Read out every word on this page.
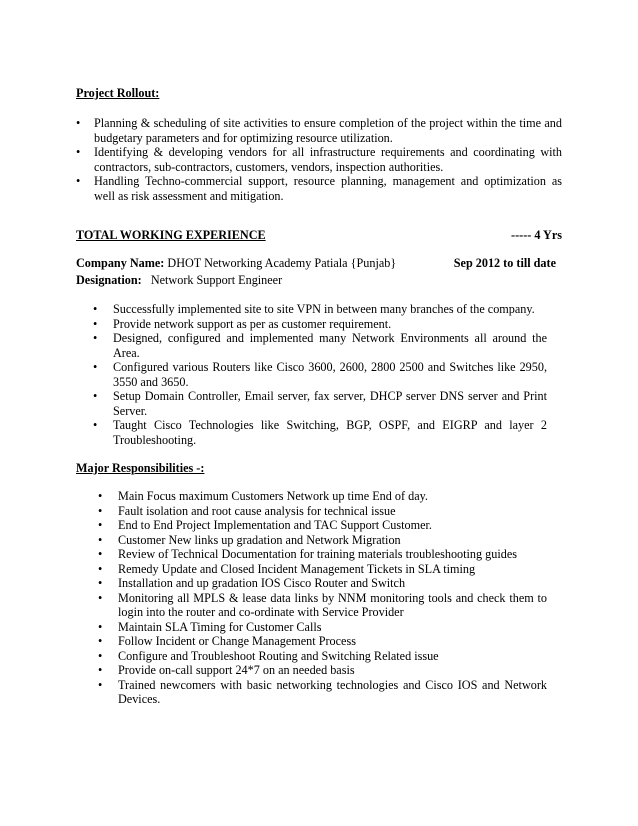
Project Rollout:
• Planning & scheduling of site activities to ensure completion of the project within the time and budgetary parameters and for optimizing resource utilization.
• Identifying & developing vendors for all infrastructure requirements and coordinating with contractors, sub-contractors, customers, vendors, inspection authorities.
• Handling Techno-commercial support, resource planning, management and optimization as well as risk assessment and mitigation.
TOTAL WORKING EXPERIENCE	----- 4 Yrs
Company Name: DHOT Networking Academy Patiala {Punjab}	Sep 2012 to till date
Designation: Network Support Engineer
• Successfully implemented site to site VPN in between many branches of the company.
• Provide network support as per as customer requirement.
• Designed, configured and implemented many Network Environments all around the Area.
• Configured various Routers like Cisco 3600, 2600, 2800 2500 and Switches like 2950, 3550 and 3650.
• Setup Domain Controller, Email server, fax server, DHCP server DNS server and Print Server.
• Taught Cisco Technologies like Switching, BGP, OSPF, and EIGRP and layer 2 Troubleshooting.
Major Responsibilities -:
• Main Focus maximum Customers Network up time End of day.
• Fault isolation and root cause analysis for technical issue
• End to End Project Implementation and TAC Support Customer.
• Customer New links up gradation and Network Migration
• Review of Technical Documentation for training materials troubleshooting guides
• Remedy Update and Closed Incident Management Tickets in SLA timing
• Installation and up gradation IOS Cisco Router and Switch
• Monitoring all MPLS & lease data links by NNM monitoring tools and check them to login into the router and co-ordinate with Service Provider
• Maintain SLA Timing for Customer Calls
• Follow Incident or Change Management Process
• Configure and Troubleshoot Routing and Switching Related issue
• Provide on-call support 24*7 on an needed basis
• Trained newcomers with basic networking technologies and Cisco IOS and Network Devices.
